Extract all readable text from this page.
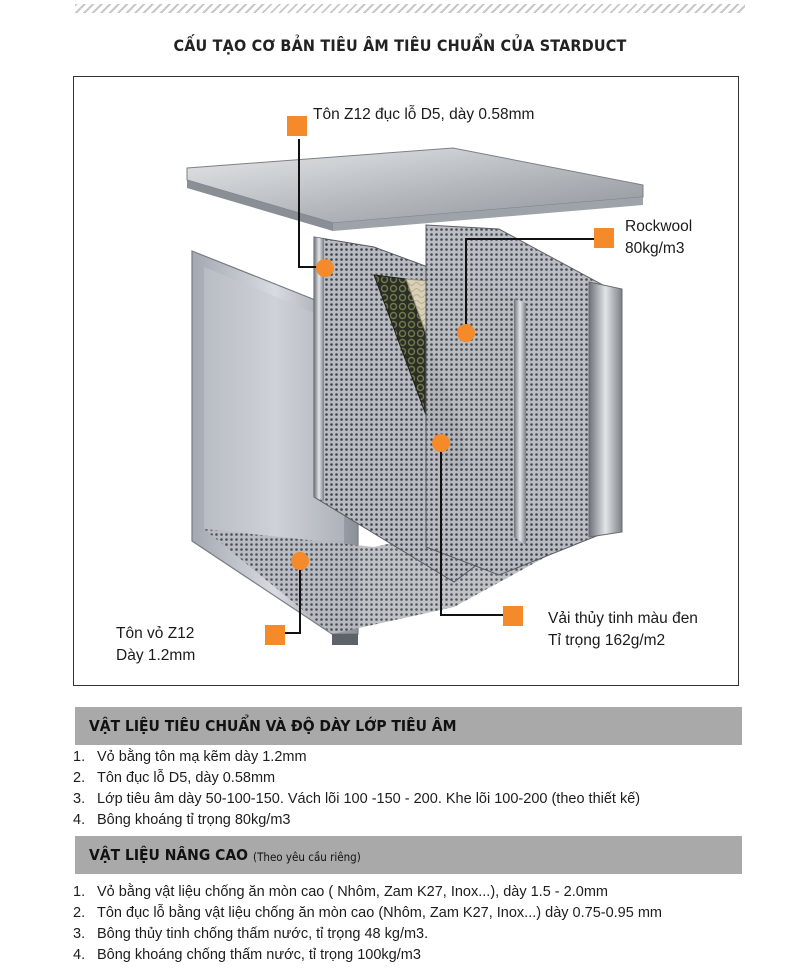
CẤU TẠO CƠ BẢN TIÊU ÂM TIÊU CHUẨN CỦA STARDUCT
Tôn Z12 đục lỗ D5, dày 0.58mm
Rockwool
80kg/m3
Vải thủy tinh màu đen
Tỉ trọng 162g/m2
Tôn vỏ Z12
Dày 1.2mm
VẬT LIỆU TIÊU CHUẨN VÀ ĐỘ DÀY LỚP TIÊU ÂM
1. Vỏ bằng tôn mạ kẽm dày 1.2mm
2. Tôn đục lỗ D5, dày 0.58mm
3. Lớp tiêu âm dày 50-100-150. Vách lõi 100 -150 - 200. Khe lõi 100-200 (theo thiết kế)
4. Bông khoáng tỉ trọng 80kg/m3
VẬT LIỆU NÂNG CAO (Theo yêu cầu riêng)
1. Vỏ bằng vật liệu chống ăn mòn cao ( Nhôm, Zam K27, Inox...), dày 1.5 - 2.0mm
2. Tôn đục lỗ bằng vật liệu chống ăn mòn cao (Nhôm, Zam K27, Inox...) dày 0.75-0.95 mm
3. Bông thủy tinh chống thấm nước, tỉ trọng 48 kg/m3.
4. Bông khoáng chống thấm nước, tỉ trọng 100kg/m3
